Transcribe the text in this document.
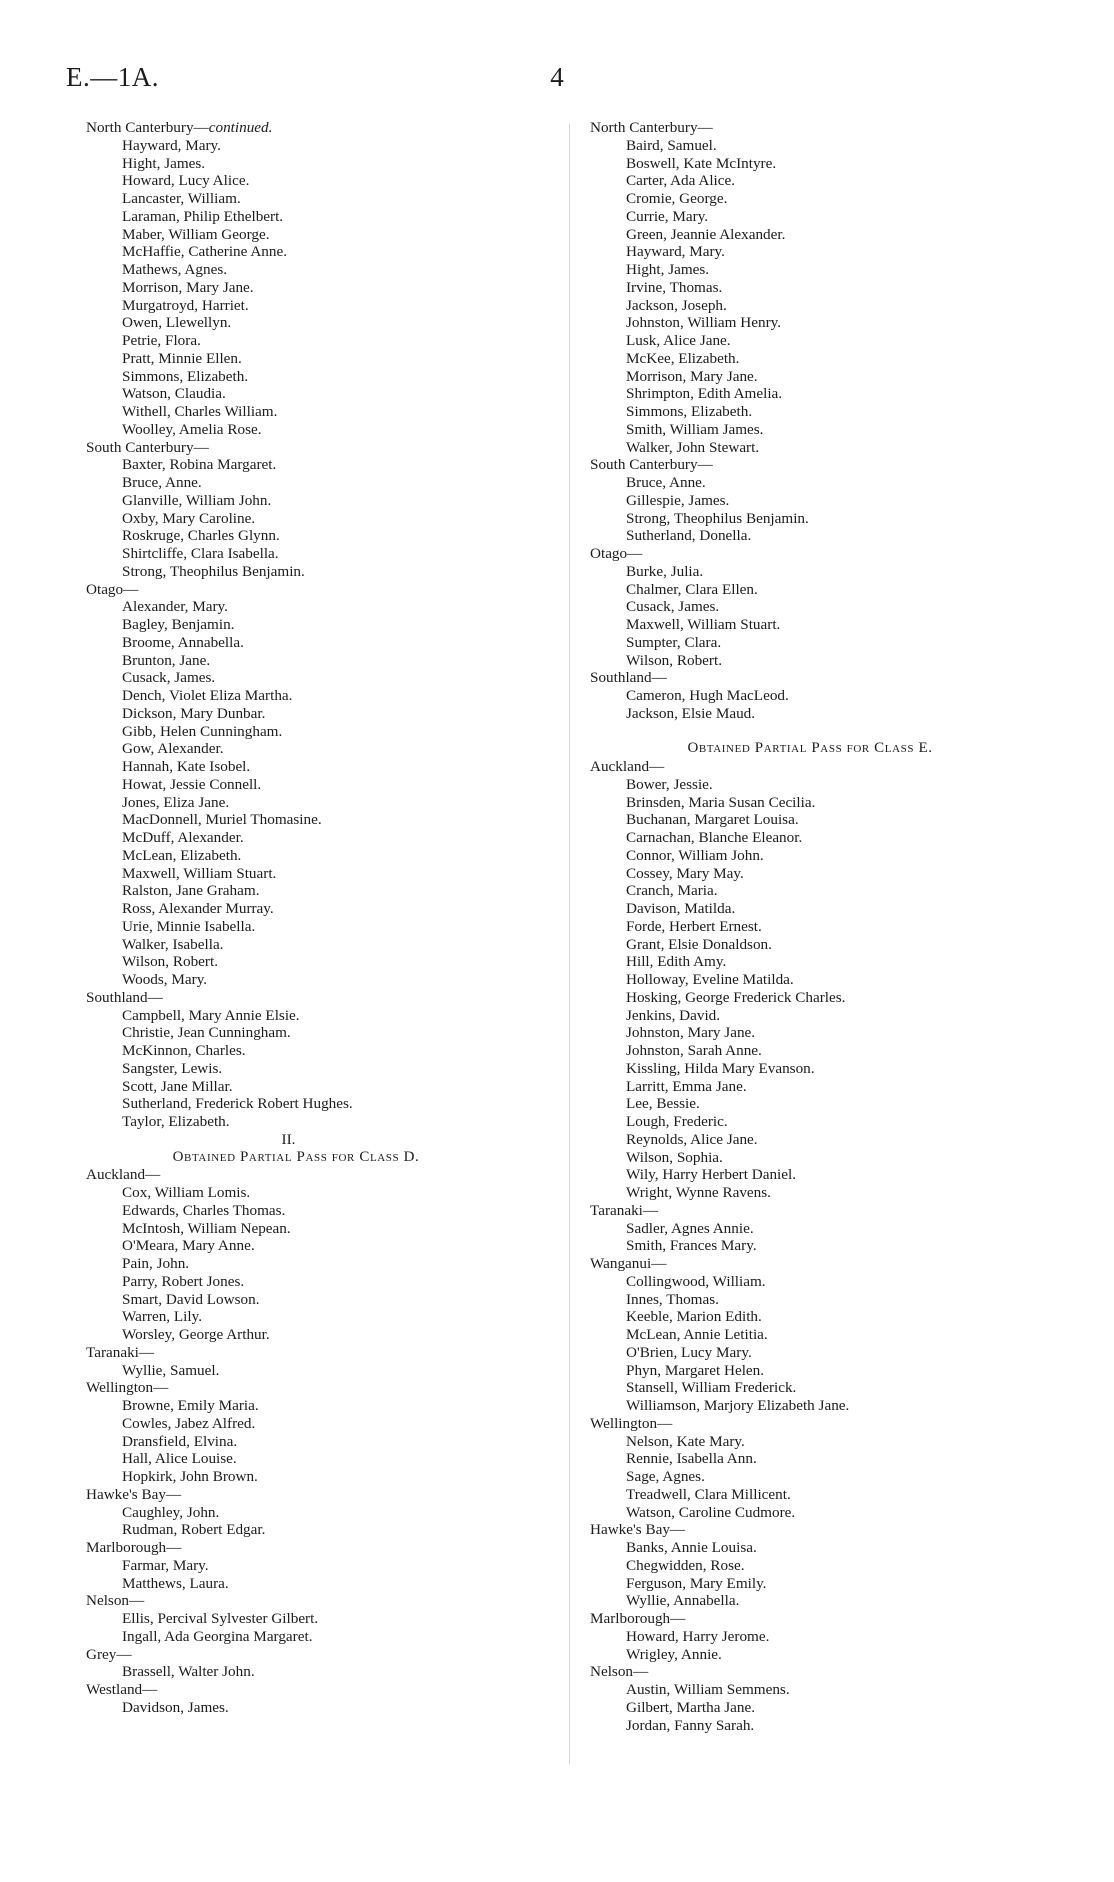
E.—1A.	4
North Canterbury—continued.
Hayward, Mary.
Hight, James.
Howard, Lucy Alice.
Lancaster, William.
Laraman, Philip Ethelbert.
Maber, William George.
McHaffie, Catherine Anne.
Mathews, Agnes.
Morrison, Mary Jane.
Murgatroyd, Harriet.
Owen, Llewellyn.
Petrie, Flora.
Pratt, Minnie Ellen.
Simmons, Elizabeth.
Watson, Claudia.
Withell, Charles William.
Woolley, Amelia Rose.
South Canterbury—
Baxter, Robina Margaret.
Bruce, Anne.
Glanville, William John.
Oxby, Mary Caroline.
Roskruge, Charles Glynn.
Shirtcliffe, Clara Isabella.
Strong, Theophilus Benjamin.
Otago—
Alexander, Mary.
Bagley, Benjamin.
Broome, Annabella.
Brunton, Jane.
Cusack, James.
Dench, Violet Eliza Martha.
Dickson, Mary Dunbar.
Gibb, Helen Cunningham.
Gow, Alexander.
Hannah, Kate Isobel.
Howat, Jessie Connell.
Jones, Eliza Jane.
MacDonnell, Muriel Thomasine.
McDuff, Alexander.
McLean, Elizabeth.
Maxwell, William Stuart.
Ralston, Jane Graham.
Ross, Alexander Murray.
Urie, Minnie Isabella.
Walker, Isabella.
Wilson, Robert.
Woods, Mary.
Southland—
Campbell, Mary Annie Elsie.
Christie, Jean Cunningham.
McKinnon, Charles.
Sangster, Lewis.
Scott, Jane Millar.
Sutherland, Frederick Robert Hughes.
Taylor, Elizabeth.
II.
Obtained Partial Pass for Class D.
Auckland—
Cox, William Lomis.
Edwards, Charles Thomas.
McIntosh, William Nepean.
O'Meara, Mary Anne.
Pain, John.
Parry, Robert Jones.
Smart, David Lowson.
Warren, Lily.
Worsley, George Arthur.
Taranaki—
Wyllie, Samuel.
Wellington—
Browne, Emily Maria.
Cowles, Jabez Alfred.
Dransfield, Elvina.
Hall, Alice Louise.
Hopkirk, John Brown.
Hawke's Bay—
Caughley, John.
Rudman, Robert Edgar.
Marlborough—
Farmar, Mary.
Matthews, Laura.
Nelson—
Ellis, Percival Sylvester Gilbert.
Ingall, Ada Georgina Margaret.
Grey—
Brassell, Walter John.
Westland—
Davidson, James.
North Canterbury—
Baird, Samuel.
Boswell, Kate McIntyre.
Carter, Ada Alice.
Cromie, George.
Currie, Mary.
Green, Jeannie Alexander.
Hayward, Mary.
Hight, James.
Irvine, Thomas.
Jackson, Joseph.
Johnston, William Henry.
Lusk, Alice Jane.
McKee, Elizabeth.
Morrison, Mary Jane.
Shrimpton, Edith Amelia.
Simmons, Elizabeth.
Smith, William James.
Walker, John Stewart.
South Canterbury—
Bruce, Anne.
Gillespie, James.
Strong, Theophilus Benjamin.
Sutherland, Donella.
Otago—
Burke, Julia.
Chalmer, Clara Ellen.
Cusack, James.
Maxwell, William Stuart.
Sumpter, Clara.
Wilson, Robert.
Southland—
Cameron, Hugh MacLeod.
Jackson, Elsie Maud.
Obtained Partial Pass for Class E.
Auckland—
Bower, Jessie.
Brinsden, Maria Susan Cecilia.
Buchanan, Margaret Louisa.
Carnachan, Blanche Eleanor.
Connor, William John.
Cossey, Mary May.
Cranch, Maria.
Davison, Matilda.
Forde, Herbert Ernest.
Grant, Elsie Donaldson.
Hill, Edith Amy.
Holloway, Eveline Matilda.
Hosking, George Frederick Charles.
Jenkins, David.
Johnston, Mary Jane.
Johnston, Sarah Anne.
Kissling, Hilda Mary Evanson.
Larritt, Emma Jane.
Lee, Bessie.
Lough, Frederic.
Reynolds, Alice Jane.
Wilson, Sophia.
Wily, Harry Herbert Daniel.
Wright, Wynne Ravens.
Taranaki—
Sadler, Agnes Annie.
Smith, Frances Mary.
Wanganui—
Collingwood, William.
Innes, Thomas.
Keeble, Marion Edith.
McLean, Annie Letitia.
O'Brien, Lucy Mary.
Phyn, Margaret Helen.
Stansell, William Frederick.
Williamson, Marjory Elizabeth Jane.
Wellington—
Nelson, Kate Mary.
Rennie, Isabella Ann.
Sage, Agnes.
Treadwell, Clara Millicent.
Watson, Caroline Cudmore.
Hawke's Bay—
Banks, Annie Louisa.
Chegwidden, Rose.
Ferguson, Mary Emily.
Wyllie, Annabella.
Marlborough—
Howard, Harry Jerome.
Wrigley, Annie.
Nelson—
Austin, William Semmens.
Gilbert, Martha Jane.
Jordan, Fanny Sarah.
